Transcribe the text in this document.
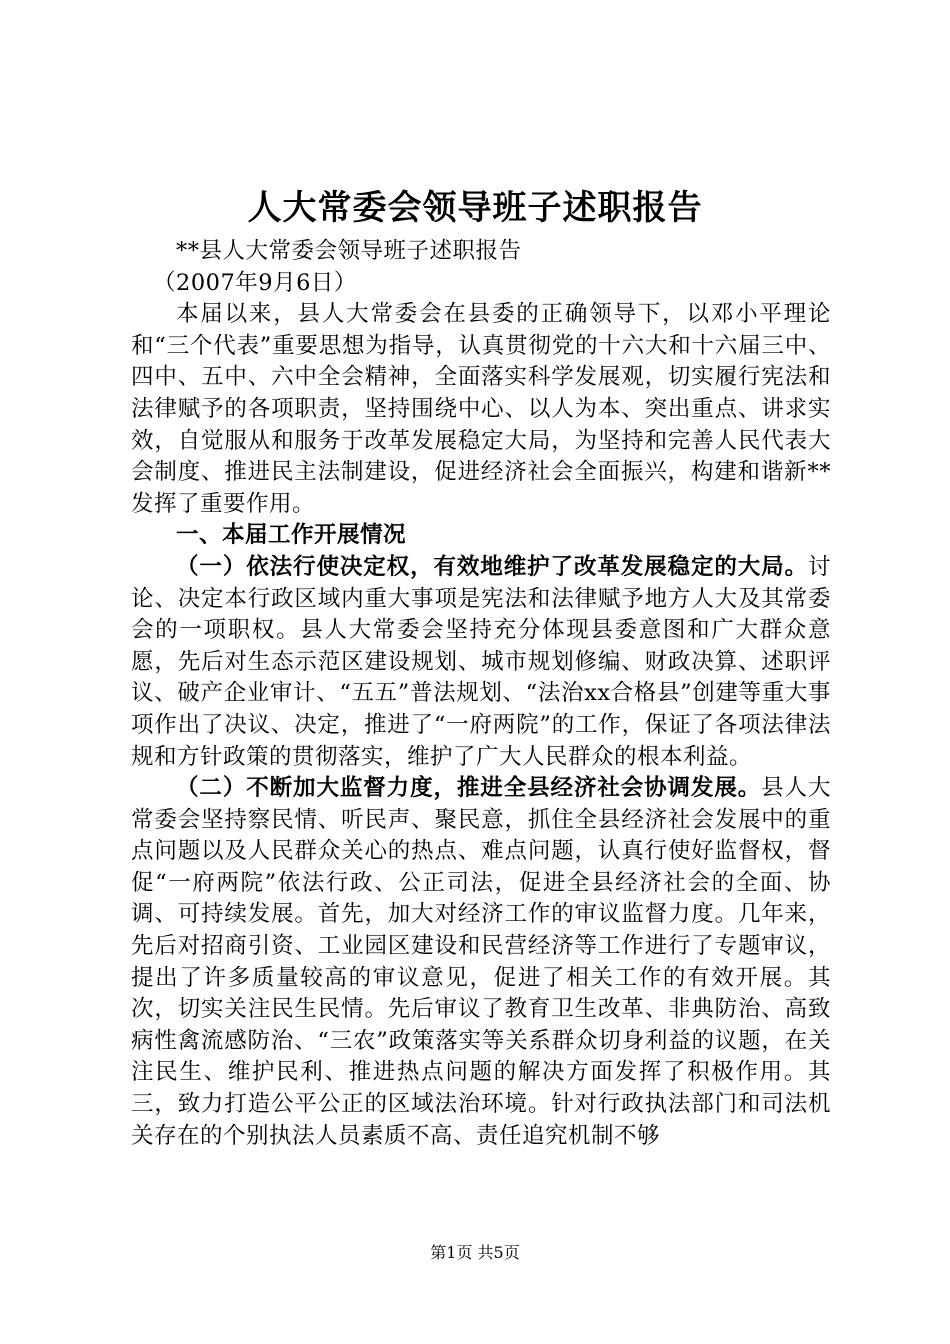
人大常委会领导班子述职报告

**县人大常委会领导班子述职报告

（2007年9月6日）

本届以来，县人大常委会在县委的正确领导下，以邓小平理论和“三个代表”重要思想为指导，认真贯彻党的十六大和十六届三中、四中、五中、六中全会精神，全面落实科学发展观，切实履行宪法和法律赋予的各项职责，坚持围绕中心、以人为本、突出重点、讲求实效，自觉服从和服务于改革发展稳定大局，为坚持和完善人民代表大会制度、推进民主法制建设，促进经济社会全面振兴，构建和谐新**发挥了重要作用。

一、本届工作开展情况

（一）依法行使决定权，有效地维护了改革发展稳定的大局。讨论、决定本行政区域内重大事项是宪法和法律赋予地方人大及其常委会的一项职权。县人大常委会坚持充分体现县委意图和广大群众意愿，先后对生态示范区建设规划、城市规划修编、财政决算、述职评议、破产企业审计、“五五”普法规划、“法治xx合格县”创建等重大事项作出了决议、决定，推进了“一府两院”的工作，保证了各项法律法规和方针政策的贯彻落实，维护了广大人民群众的根本利益。

（二）不断加大监督力度，推进全县经济社会协调发展。县人大常委会坚持察民情、听民声、聚民意，抓住全县经济社会发展中的重点问题以及人民群众关心的热点、难点问题，认真行使好监督权，督促“一府两院”依法行政、公正司法，促进全县经济社会的全面、协调、可持续发展。首先，加大对经济工作的审议监督力度。几年来，先后对招商引资、工业园区建设和民营经济等工作进行了专题审议，提出了许多质量较高的审议意见，促进了相关工作的有效开展。其次，切实关注民生民情。先后审议了教育卫生改革、非典防治、高致病性禽流感防治、“三农”政策落实等关系群众切身利益的议题，在关注民生、维护民利、推进热点问题的解决方面发挥了积极作用。其三，致力打造公平公正的区域法治环境。针对行政执法部门和司法机关存在的个别执法人员素质不高、责任追究机制不够

第1页 共5页
